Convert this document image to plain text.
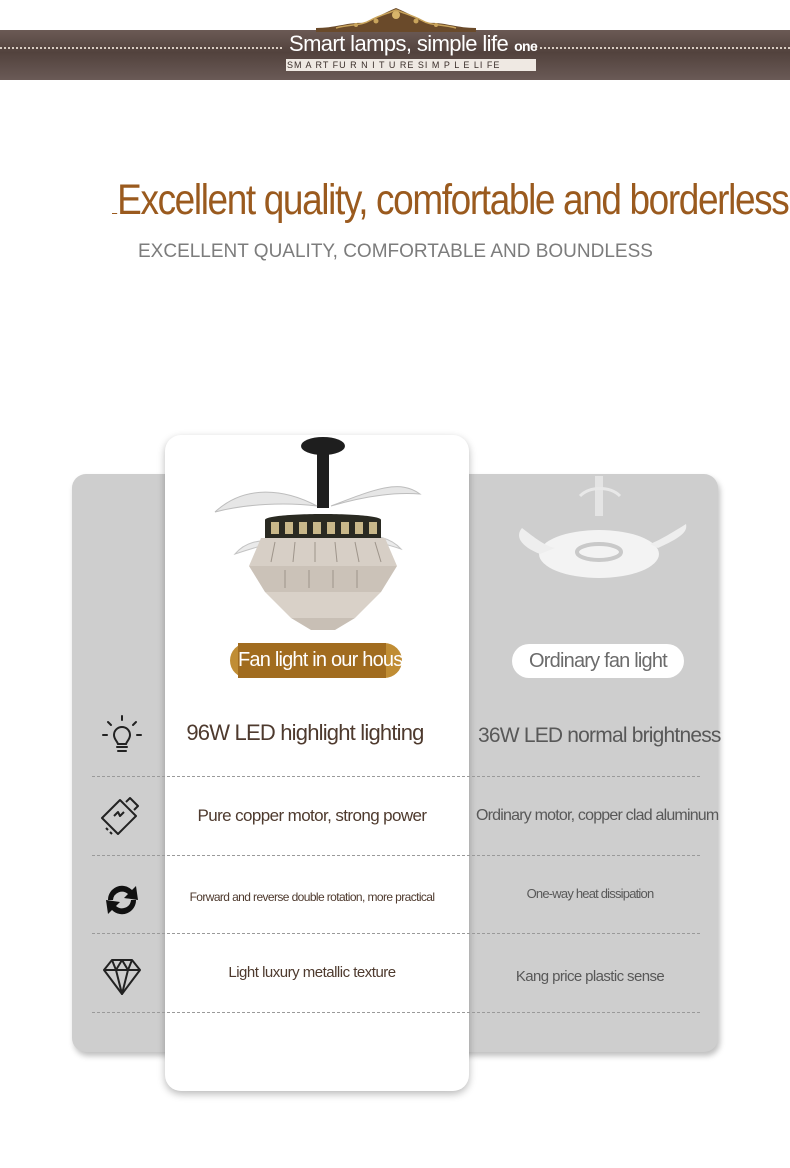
Smart lamps, simple life one
SM A RT FU R N I T U RE SI M P L E LI FE
Excellent quality, comfortable and borderless
EXCELLENT QUALITY, COMFORTABLE AND BOUNDLESS
Fan light in our house	Ordinary fan light
96W LED highlight lighting	36W LED normal brightness
Pure copper motor, strong power	Ordinary motor, copper clad aluminum
Forward and reverse double rotation, more practical	One-way heat dissipation
Light luxury metallic texture	Kang price plastic sense
